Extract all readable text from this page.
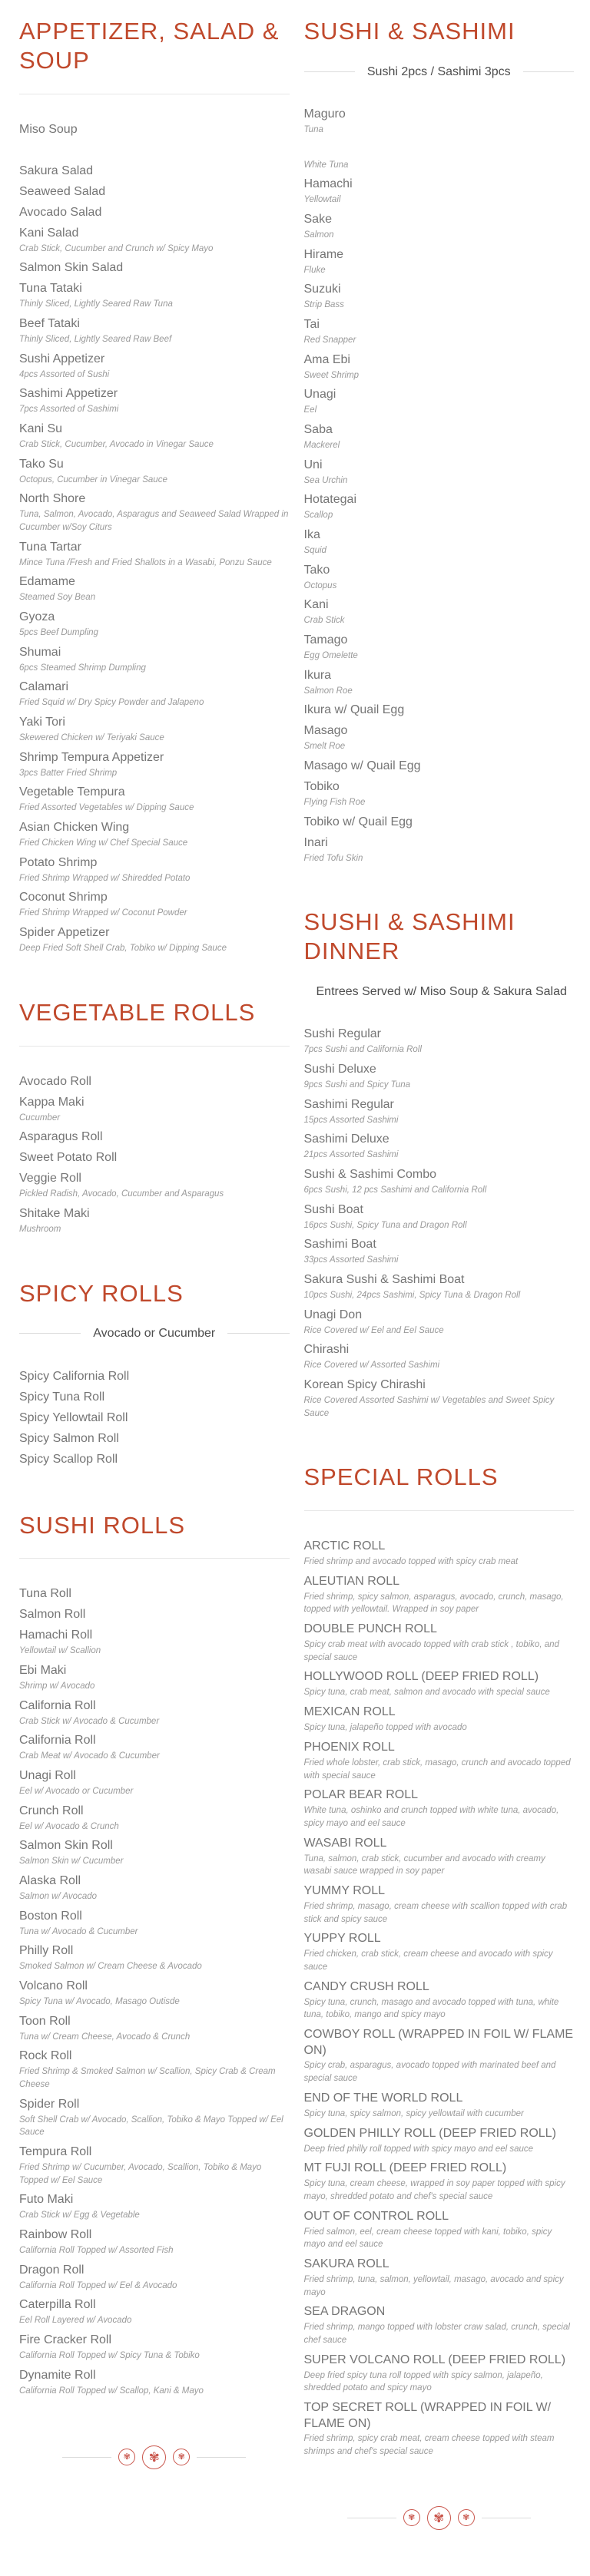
APPETIZER, SALAD & SOUP
Miso Soup
Sakura Salad
Seaweed Salad
Avocado Salad
Kani Salad
Crab Stick, Cucumber and Crunch w/ Spicy Mayo
Salmon Skin Salad
Tuna Tataki
Thinly Sliced, Lightly Seared Raw Tuna
Beef Tataki
Thinly Sliced, Lightly Seared Raw Beef
Sushi Appetizer
4pcs Assorted of Sushi
Sashimi Appetizer
7pcs Assorted of Sashimi
Kani Su
Crab Stick, Cucumber, Avocado in Vinegar Sauce
Tako Su
Octopus, Cucumber in Vinegar Sauce
North Shore
Tuna, Salmon, Avocado, Asparagus and Seaweed Salad Wrapped in Cucumber w/Soy Citurs
Tuna Tartar
Mince Tuna /Fresh and Fried Shallots in a Wasabi, Ponzu Sauce
Edamame
Steamed Soy Bean
Gyoza
5pcs Beef Dumpling
Shumai
6pcs Steamed Shrimp Dumpling
Calamari
Fried Squid w/ Dry Spicy Powder and Jalapeno
Yaki Tori
Skewered Chicken w/ Teriyaki Sauce
Shrimp Tempura Appetizer
3pcs Batter Fried Shrimp
Vegetable Tempura
Fried Assorted Vegetables w/ Dipping Sauce
Asian Chicken Wing
Fried Chicken Wing w/ Chef Special Sauce
Potato Shrimp
Fried Shrimp Wrapped w/ Shiredded Potato
Coconut Shrimp
Fried Shrimp Wrapped w/ Coconut Powder
Spider Appetizer
Deep Fried Soft Shell Crab, Tobiko w/ Dipping Sauce
VEGETABLE ROLLS
Avocado Roll
Kappa Maki
Cucumber
Asparagus Roll
Sweet Potato Roll
Veggie Roll
Pickled Radish, Avocado, Cucumber and Asparagus
Shitake Maki
Mushroom
SPICY ROLLS
Avocado or Cucumber
Spicy California Roll
Spicy Tuna Roll
Spicy Yellowtail Roll
Spicy Salmon Roll
Spicy Scallop Roll
SUSHI ROLLS
Tuna Roll
Salmon Roll
Hamachi Roll
Yellowtail w/ Scallion
Ebi Maki
Shrimp w/ Avocado
California Roll
Crab Stick w/ Avocado & Cucumber
California Roll
Crab Meat w/ Avocado & Cucumber
Unagi Roll
Eel w/ Avocado or Cucumber
Crunch Roll
Eel w/ Avocado & Crunch
Salmon Skin Roll
Salmon Skin w/ Cucumber
Alaska Roll
Salmon w/ Avocado
Boston Roll
Tuna w/ Avocado & Cucumber
Philly Roll
Smoked Salmon w/ Cream Cheese & Avocado
Volcano Roll
Spicy Tuna w/ Avocado, Masago Outisde
Toon Roll
Tuna w/ Cream Cheese, Avocado & Crunch
Rock Roll
Fried Shrimp & Smoked Salmon w/ Scallion, Spicy Crab & Cream Cheese
Spider Roll
Soft Shell Crab w/ Avocado, Scallion, Tobiko & Mayo Topped w/ Eel Sauce
Tempura Roll
Fried Shrimp w/ Cucumber, Avocado, Scallion, Tobiko & Mayo Topped w/ Eel Sauce
Futo Maki
Crab Stick w/ Egg & Vegetable
Rainbow Roll
California Roll Topped w/ Assorted Fish
Dragon Roll
California Roll Topped w/ Eel & Avocado
Caterpilla Roll
Eel Roll Layered w/ Avocado
Fire Cracker Roll
California Roll Topped w/ Spicy Tuna & Tobiko
Dynamite Roll
California Roll Topped w/ Scallop, Kani & Mayo
✾	✾	✾
SUSHI & SASHIMI
Sushi 2pcs / Sashimi 3pcs
Maguro
Tuna
White Tuna
Hamachi
Yellowtail
Sake
Salmon
Hirame
Fluke
Suzuki
Strip Bass
Tai
Red Snapper
Ama Ebi
Sweet Shrimp
Unagi
Eel
Saba
Mackerel
Uni
Sea Urchin
Hotategai
Scallop
Ika
Squid
Tako
Octopus
Kani
Crab Stick
Tamago
Egg Omelette
Ikura
Salmon Roe
Ikura w/ Quail Egg
Masago
Smelt Roe
Masago w/ Quail Egg
Tobiko
Flying Fish Roe
Tobiko w/ Quail Egg
Inari
Fried Tofu Skin
SUSHI & SASHIMI DINNER
Entrees Served w/ Miso Soup & Sakura Salad
Sushi Regular
7pcs Sushi and California Roll
Sushi Deluxe
9pcs Sushi and Spicy Tuna
Sashimi Regular
15pcs Assorted Sashimi
Sashimi Deluxe
21pcs Assorted Sashimi
Sushi & Sashimi Combo
6pcs Sushi, 12 pcs Sashimi and California Roll
Sushi Boat
16pcs Sushi, Spicy Tuna and Dragon Roll
Sashimi Boat
33pcs Assorted Sashimi
Sakura Sushi & Sashimi Boat
10pcs Sushi, 24pcs Sashimi, Spicy Tuna & Dragon Roll
Unagi Don
Rice Covered w/ Eel and Eel Sauce
Chirashi
Rice Covered w/ Assorted Sashimi
Korean Spicy Chirashi
Rice Covered Assorted Sashimi w/ Vegetables and Sweet Spicy Sauce
SPECIAL ROLLS
ARCTIC ROLL
Fried shrimp and avocado topped with spicy crab meat
ALEUTIAN ROLL
Fried shrimp, spicy salmon, asparagus, avocado, crunch, masago, topped with yellowtail. Wrapped in soy paper
DOUBLE PUNCH ROLL
Spicy crab meat with avocado topped with crab stick , tobiko, and special sauce
HOLLYWOOD ROLL (DEEP FRIED ROLL)
Spicy tuna, crab meat, salmon and avocado with special sauce
MEXICAN ROLL
Spicy tuna, jalapeño topped with avocado
PHOENIX ROLL
Fried whole lobster, crab stick, masago, crunch and avocado topped with special sauce
POLAR BEAR ROLL
White tuna, oshinko and crunch topped with white tuna, avocado, spicy mayo and eel sauce
WASABI ROLL
Tuna, salmon, crab stick, cucumber and avocado with creamy wasabi sauce wrapped in soy paper
YUMMY ROLL
Fried shrimp, masago, cream cheese with scallion topped with crab stick and spicy sauce
YUPPY ROLL
Fried chicken, crab stick, cream cheese and avocado with spicy sauce
CANDY CRUSH ROLL
Spicy tuna, crunch, masago and avocado topped with tuna, white tuna, tobiko, mango and spicy mayo
COWBOY ROLL (WRAPPED IN FOIL W/ FLAME ON)
Spicy crab, asparagus, avocado topped with marinated beef and special sauce
END OF THE WORLD ROLL
Spicy tuna, spicy salmon, spicy yellowtail with cucumber
GOLDEN PHILLY ROLL (DEEP FRIED ROLL)
Deep fried philly roll topped with spicy mayo and eel sauce
MT FUJI ROLL (DEEP FRIED ROLL)
Spicy tuna, cream cheese, wrapped in soy paper topped with spicy mayo, shredded potato and chef's special sauce
OUT OF CONTROL ROLL
Fried salmon, eel, cream cheese topped with kani, tobiko, spicy mayo and eel sauce
SAKURA ROLL
Fried shrimp, tuna, salmon, yellowtail, masago, avocado and spicy mayo
SEA DRAGON
Fried shrimp, mango topped with lobster craw salad, crunch, special chef sauce
SUPER VOLCANO ROLL (DEEP FRIED ROLL)
Deep fried spicy tuna roll topped with spicy salmon, jalapeño, shredded potato and spicy mayo
TOP SECRET ROLL (WRAPPED IN FOIL W/ FLAME ON)
Fried shrimp, spicy crab meat, cream cheese topped with steam shrimps and chef's special sauce
✾	✾	✾
